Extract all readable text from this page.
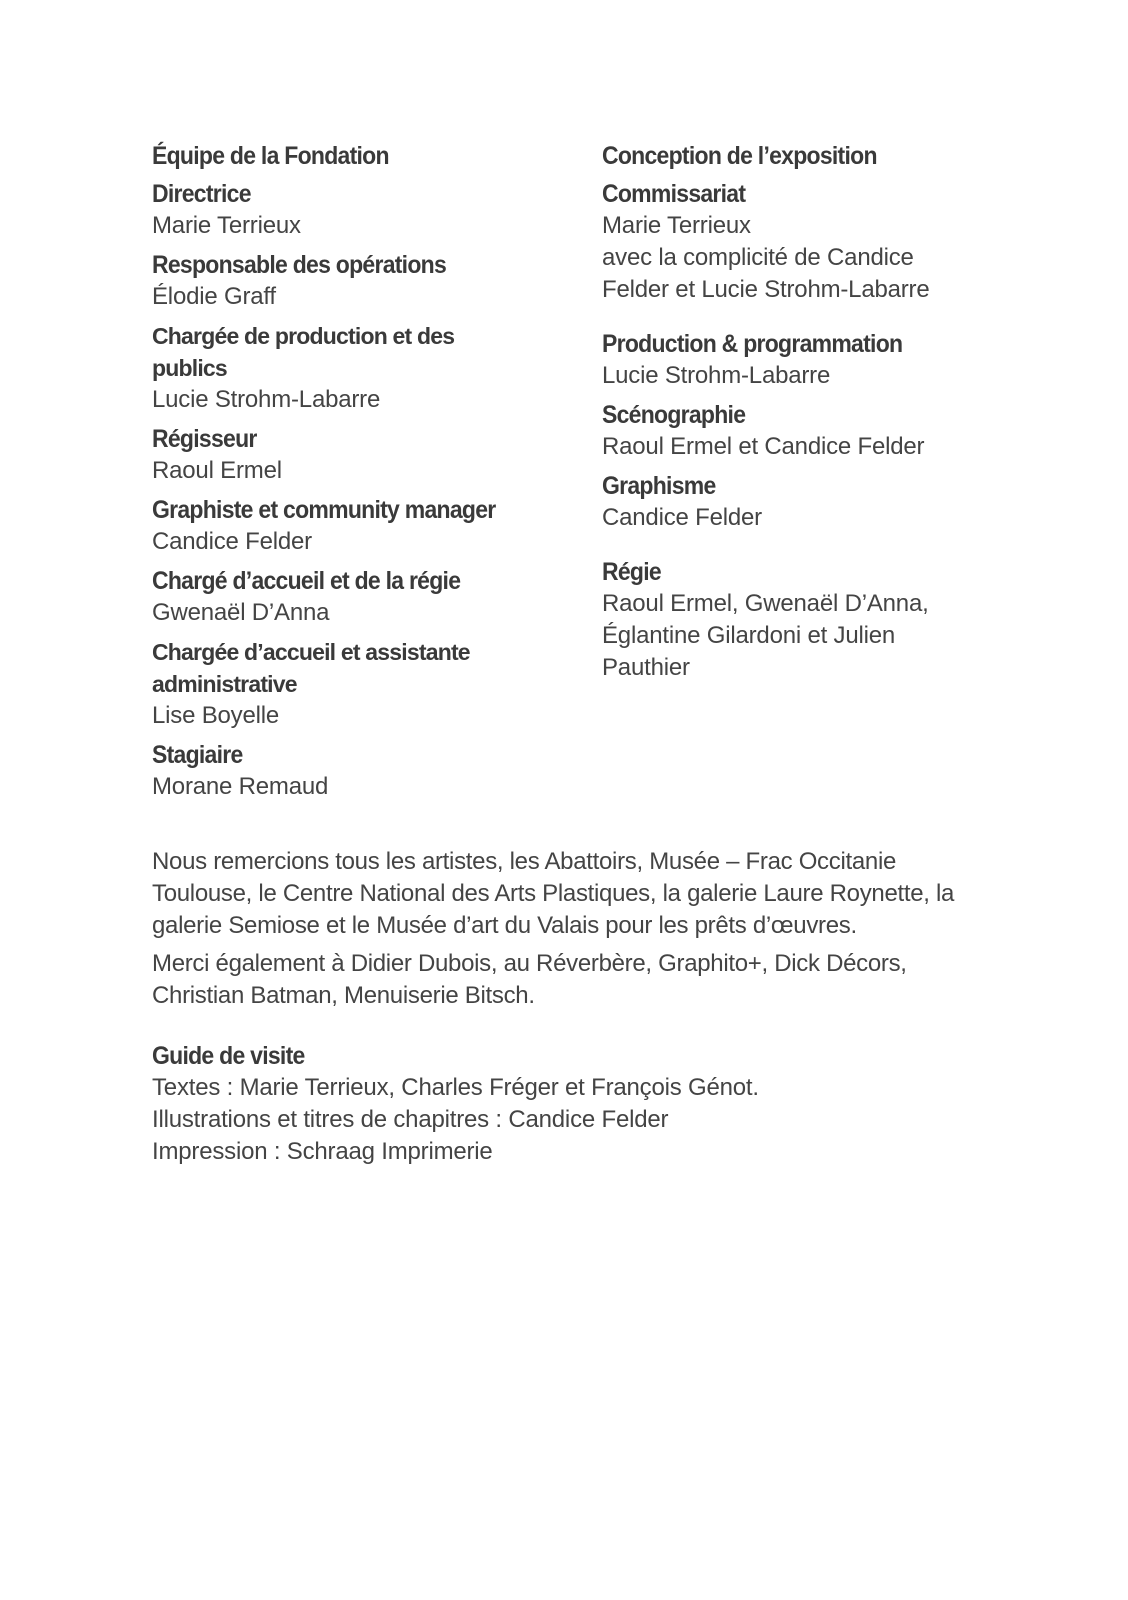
Équipe de la Fondation
Directrice
Marie Terrieux
Responsable des opérations
Élodie Graff
Chargée de production et des publics
Lucie Strohm-Labarre
Régisseur
Raoul Ermel
Graphiste et community manager
Candice Felder
Chargé d’accueil et de la régie
Gwenaël D’Anna
Chargée d’accueil et assistante administrative
Lise Boyelle
Stagiaire
Morane Remaud
Conception de l’exposition
Commissariat
Marie Terrieux
avec la complicité de Candice
Felder et Lucie Strohm-Labarre
Production & programmation
Lucie Strohm-Labarre
Scénographie
Raoul Ermel et Candice Felder
Graphisme
Candice Felder
Régie
Raoul Ermel, Gwenaël D’Anna,
Églantine Gilardoni et Julien
Pauthier

Nous remercions tous les artistes, les Abattoirs, Musée – Frac Occitanie Toulouse, le Centre National des Arts Plastiques, la galerie Laure Roynette, la galerie Semiose et le Musée d’art du Valais pour les prêts d’œuvres.

Merci également à Didier Dubois, au Réverbère, Graphito+, Dick Décors, Christian Batman, Menuiserie Bitsch.

Guide de visite
Textes : Marie Terrieux, Charles Fréger et François Génot.
Illustrations et titres de chapitres : Candice Felder
Impression : Schraag Imprimerie
